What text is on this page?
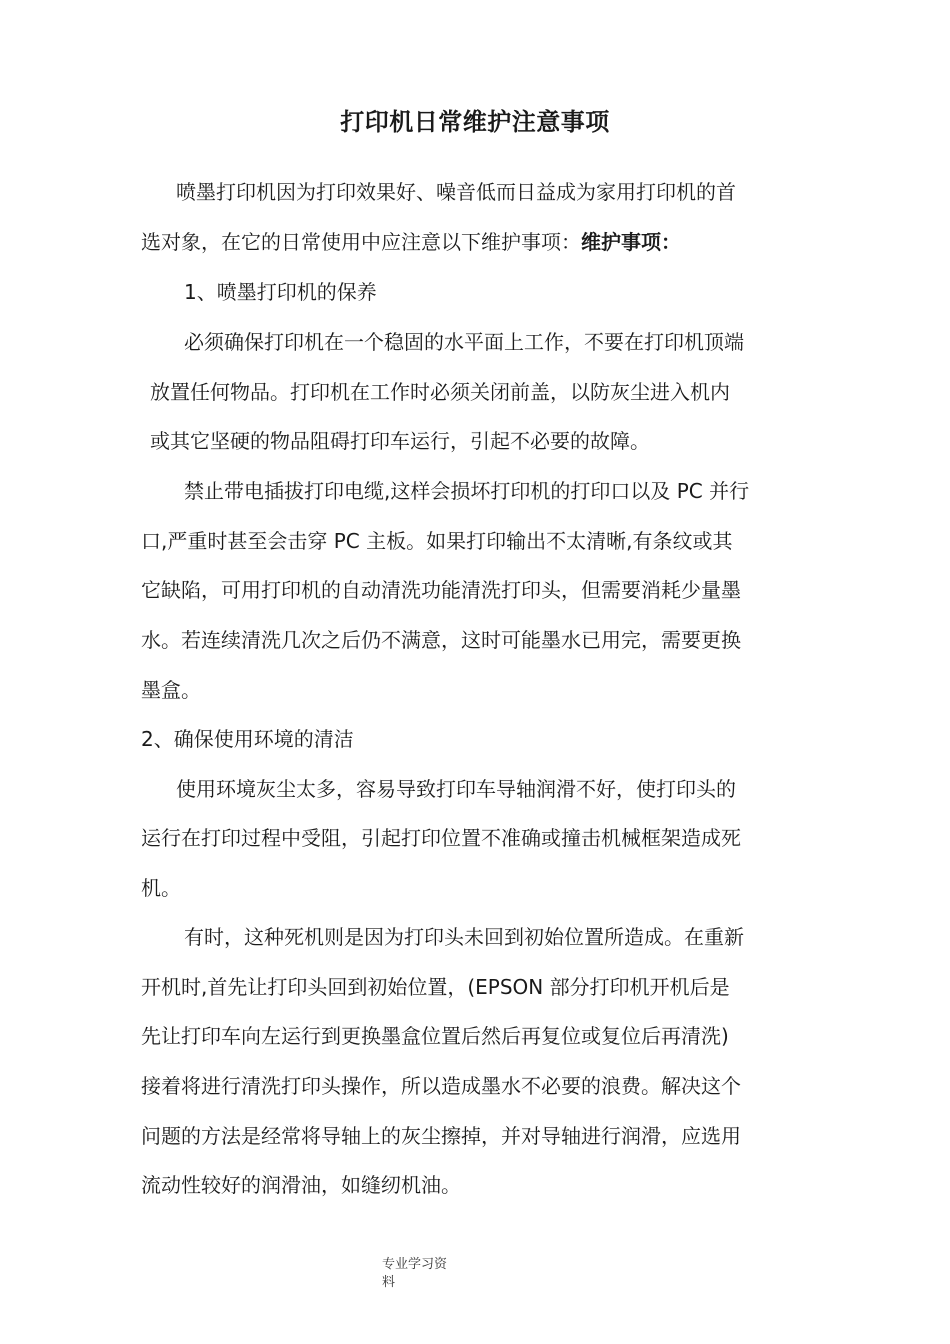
打印机日常维护注意事项
喷墨打印机因为打印效果好、噪音低而日益成为家用打印机的首
选对象，在它的日常使用中应注意以下维护事项：维护事项：
1、喷墨打印机的保养
必须确保打印机在一个稳固的水平面上工作，不要在打印机顶端
放置任何物品。打印机在工作时必须关闭前盖，以防灰尘进入机内
或其它坚硬的物品阻碍打印车运行，引起不必要的故障。
禁止带电插拔打印电缆,这样会损坏打印机的打印口以及 PC 并行
口,严重时甚至会击穿 PC 主板。如果打印输出不太清晰,有条纹或其
它缺陷，可用打印机的自动清洗功能清洗打印头，但需要消耗少量墨
水。若连续清洗几次之后仍不满意，这时可能墨水已用完，需要更换
墨盒。
2、确保使用环境的清洁
使用环境灰尘太多，容易导致打印车导轴润滑不好，使打印头的
运行在打印过程中受阻，引起打印位置不准确或撞击机械框架造成死
机。
有时，这种死机则是因为打印头未回到初始位置所造成。在重新
开机时,首先让打印头回到初始位置，(EPSON 部分打印机开机后是
先让打印车向左运行到更换墨盒位置后然后再复位或复位后再清洗)
接着将进行清洗打印头操作，所以造成墨水不必要的浪费。解决这个
问题的方法是经常将导轴上的灰尘擦掉，并对导轴进行润滑，应选用
流动性较好的润滑油，如缝纫机油。
专业学习资
料
